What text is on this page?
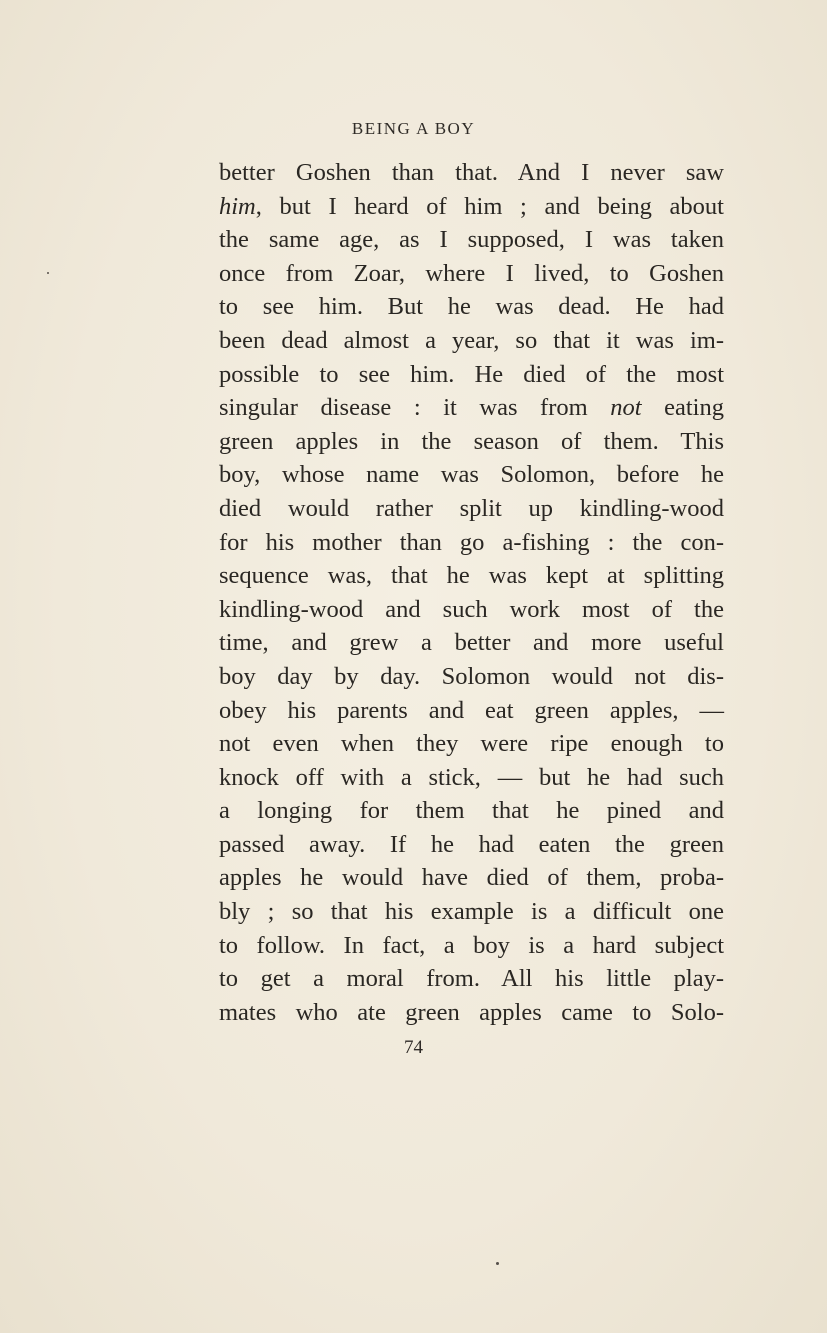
BEING A BOY
better Goshen than that. And I never saw
him, but I heard of him ; and being about
the same age, as I supposed, I was taken
once from Zoar, where I lived, to Goshen
to see him. But he was dead. He had
been dead almost a year, so that it was im-
possible to see him. He died of the most
singular disease : it was from not eating
green apples in the season of them. This
boy, whose name was Solomon, before he
died would rather split up kindling-wood
for his mother than go a-fishing : the con-
sequence was, that he was kept at splitting
kindling-wood and such work most of the
time, and grew a better and more useful
boy day by day. Solomon would not dis-
obey his parents and eat green apples, —
not even when they were ripe enough to
knock off with a stick, — but he had such
a longing for them that he pined and
passed away. If he had eaten the green
apples he would have died of them, proba-
bly ; so that his example is a difficult one
to follow. In fact, a boy is a hard subject
to get a moral from. All his little play-
mates who ate green apples came to Solo-
74
